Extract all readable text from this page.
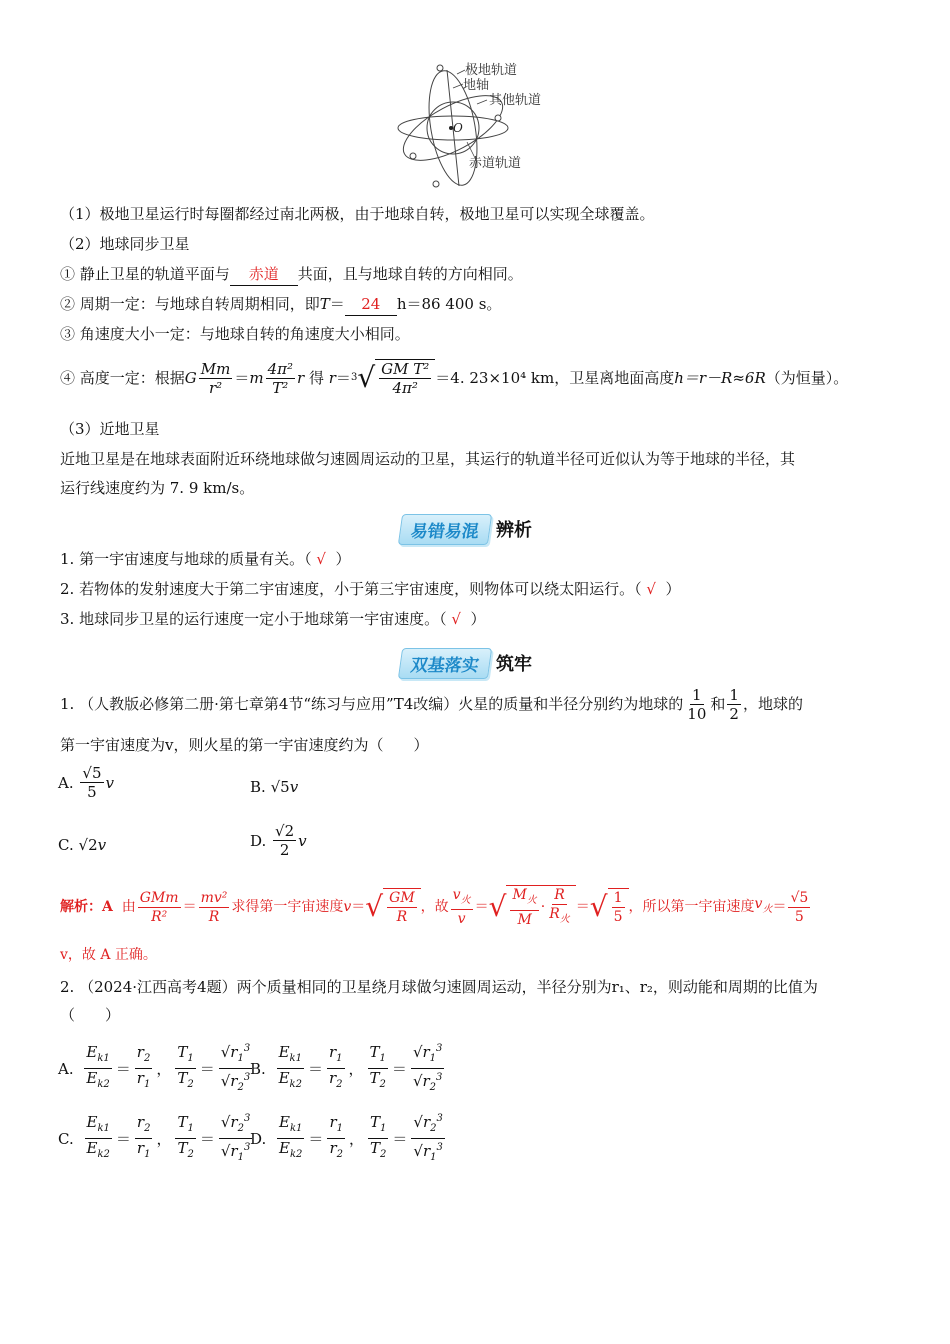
极地轨道
地轴
其他轨道
赤道轨道
O
（1）极地卫星运行时每圈都经过南北两极，由于地球自转，极地卫星可以实现全球覆盖。
（2）地球同步卫星
① 静止卫星的轨道平面与 赤道 共面，且与地球自转的方向相同。
② 周期一定：与地球自转周期相同，即T＝ 24 h＝86 400 s。
③ 角速度大小一定：与地球自转的角速度大小相同。
④ 高度一定：根据 G $\frac{Mm}{\text{r²}} = m \frac{\text{4π²}}{\text{T²}}$ r 得 r ＝ 3 √ $\frac{\text{GM T²}}{\text{4π²}} =4$. 23×10⁴ km，卫星离地面高度 h＝r－R≈6R （为恒量）。
（3）近地卫星
近地卫星是在地球表面附近环绕地球做匀速圆周运动的卫星，其运行的轨道半径可近似认为等于地球的半径，其
运行线速度约为 7. 9 km/s。
易错易混 辨析
1. 第一宇宙速度与地球的质量有关。（ √ ）
2. 若物体的发射速度大于第二宇宙速度，小于第三宇宙速度，则物体可以绕太阳运行。（ √ ）
3. 地球同步卫星的运行速度一定小于地球第一宇宙速度。（ √ ）
双基落实 筑牢
1. （人教版必修第二册·第七章第4节“练习与应用”T4改编）火星的质量和半径分别约为地球的 $\frac{1}{10}$ 和 $\frac{1}{2}$ ，地球的
第一宇宙速度为v，则火星的第一宇宙速度约为（　　）
A.
$\frac{√5}{5}$ v	B.
√ 5 v
C.
√ 2 v	D.
$\frac{√2}{2}$ v
解析： A
由 $\frac{\text{GMm}}{\text{R²}} = \frac{\text{mv²}}{R}$ 求得第一宇宙速度 v ＝ √ $\frac{GM}{R}$ ，故 $\frac{v_火}{v}$ ＝ √ $\frac{M_火}{M} \cdot \frac{R}{R_火}$ ＝ √ $\frac{1}{5}$ ，所以第一宇宙速度 $v_火 = \frac{√5}{5}$
v，故 A 正确。
2. （2024·江西高考4题）两个质量相同的卫星绕月球做匀速圆周运动，半径分别为r₁、r₂，则动能和周期的比值为
（　　）
A.
$\frac{E_{k1}}{E_{k2}} = \frac{r_2}{r_1}$ ， $\frac{T_1}{T_2} = \frac{√r_1^3}{√r_2^3}$
B.
$\frac{E_{k1}}{E_{k2}} = \frac{r_1}{r_2}$ ， $\frac{T_1}{T_2} = \frac{√r_1^3}{√r_2^3}$
C.
$\frac{E_{k1}}{E_{k2}} = \frac{r_2}{r_1}$ ， $\frac{T_1}{T_2} = \frac{√r_2^3}{√r_1^3}$
D.
$\frac{E_{k1}}{E_{k2}} = \frac{r_1}{r_2}$ ， $\frac{T_1}{T_2} = \frac{√r_2^3}{√r_1^3}$
